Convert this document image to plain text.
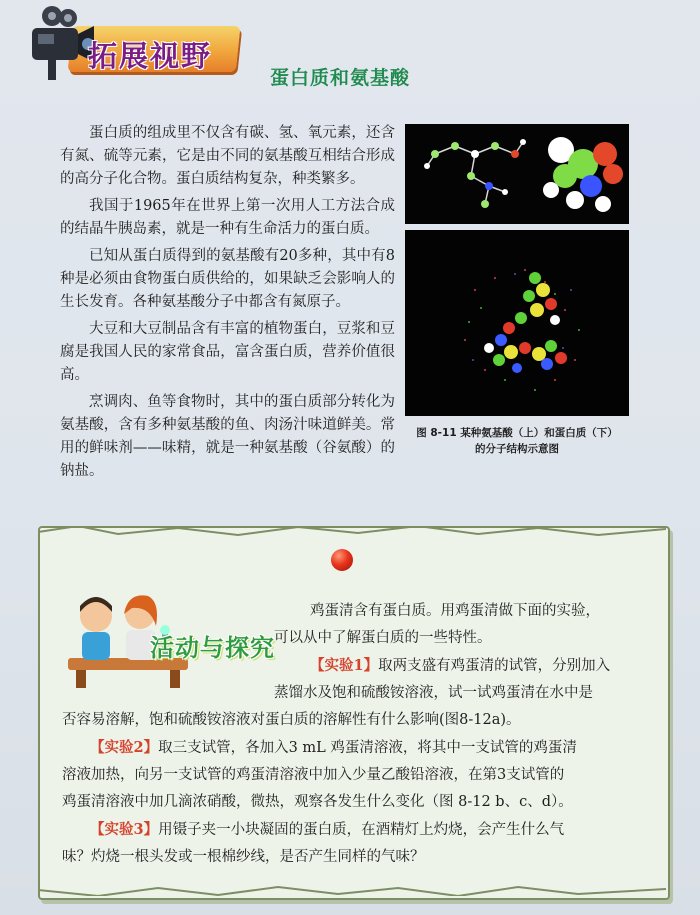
拓展视野
蛋白质和氨基酸

蛋白质的组成里不仅含有碳、氢、氧元素，还含有氮、硫等元素，它是由不同的氨基酸互相结合形成的高分子化合物。蛋白质结构复杂，种类繁多。

我国于1965年在世界上第一次用人工方法合成的结晶牛胰岛素，就是一种有生命活力的蛋白质。

已知从蛋白质得到的氨基酸有20多种，其中有8种是必须由食物蛋白质供给的，如果缺乏会影响人的生长发育。各种氨基酸分子中都含有氮原子。

大豆和大豆制品含有丰富的植物蛋白，豆浆和豆腐是我国人民的家常食品，富含蛋白质，营养价值很高。

烹调肉、鱼等食物时，其中的蛋白质部分转化为氨基酸，含有多种氨基酸的鱼、肉汤汁味道鲜美。常用的鲜味剂——味精，就是一种氨基酸（谷氨酸）的钠盐。

图 8-11 某种氨基酸（上）和蛋白质（下）
的分子结构示意图
活动与探究

鸡蛋清含有蛋白质。用鸡蛋清做下面的实验，

可以从中了解蛋白质的一些特性。

【实验1】取两支盛有鸡蛋清的试管，分别加入

蒸馏水及饱和硫酸铵溶液，试一试鸡蛋清在水中是

否容易溶解，饱和硫酸铵溶液对蛋白质的溶解性有什么影响(图8-12a)。

【实验2】取三支试管，各加入3 mL 鸡蛋清溶液，将其中一支试管的鸡蛋清

溶液加热，向另一支试管的鸡蛋清溶液中加入少量乙酸铅溶液，在第3支试管的

鸡蛋清溶液中加几滴浓硝酸，微热，观察各发生什么变化（图 8-12 b、c、d）。

【实验3】用镊子夹一小块凝固的蛋白质，在酒精灯上灼烧，会产生什么气

味？灼烧一根头发或一根棉纱线，是否产生同样的气味？
